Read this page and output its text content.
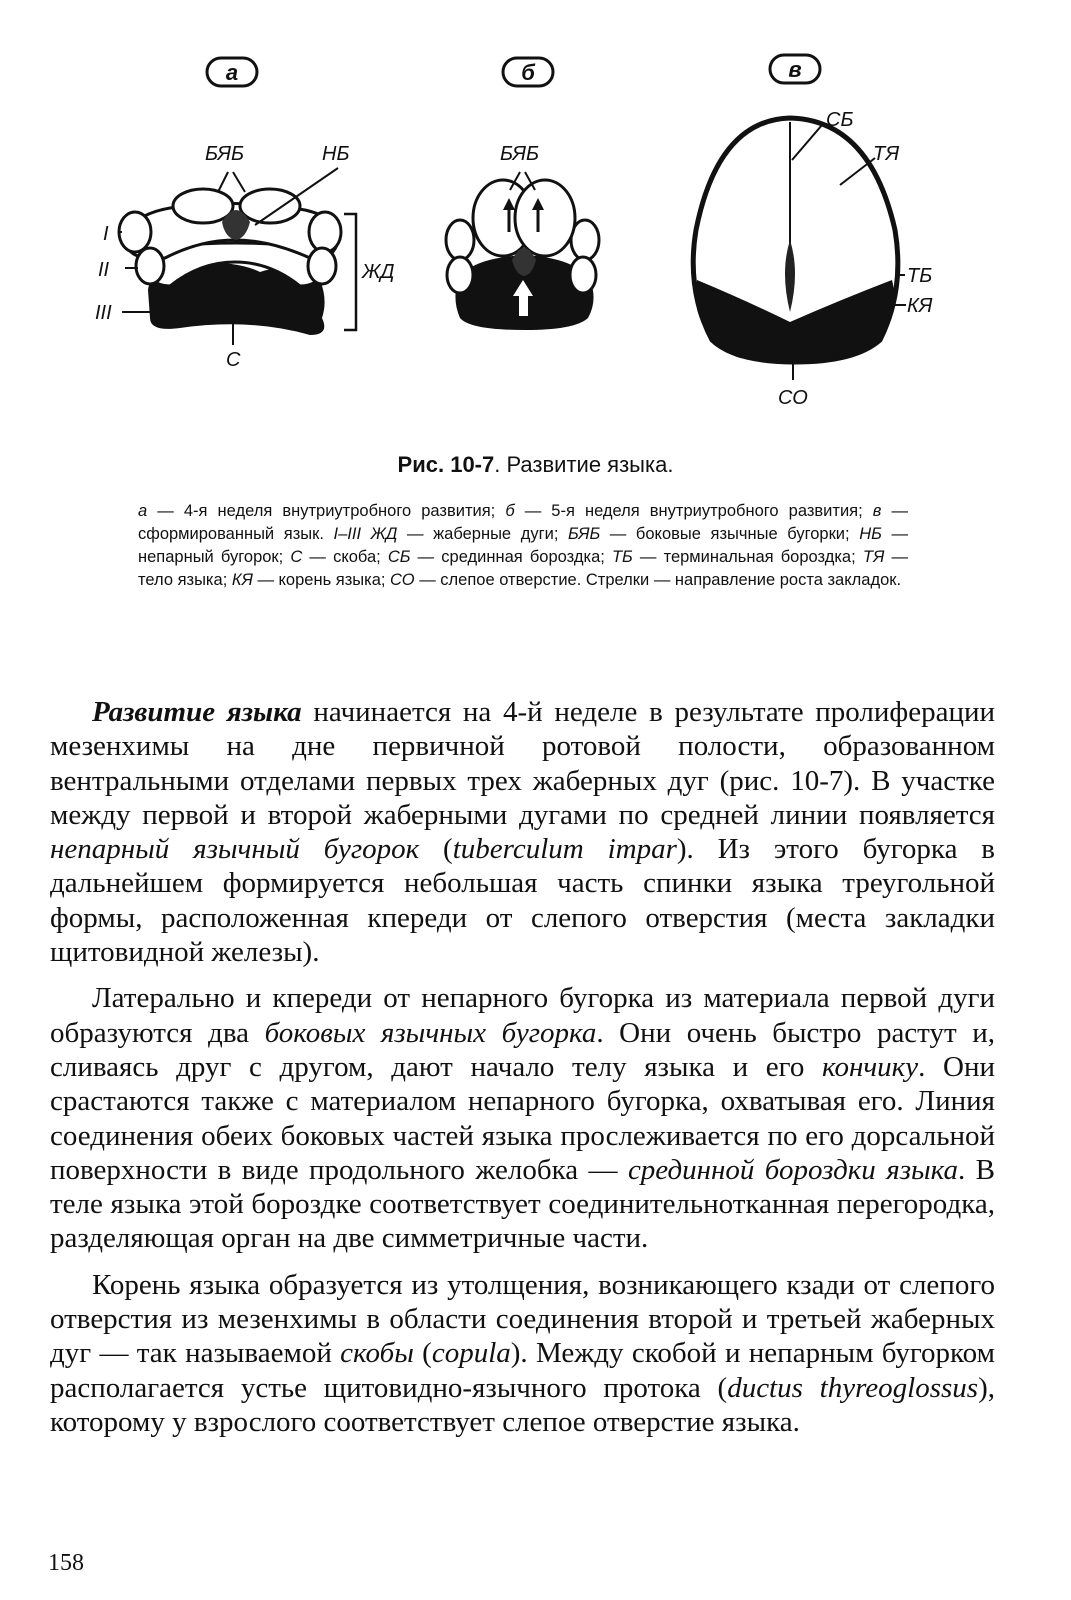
а	б	в
БЯБ	НБ
I
II
III
ЖД
С
БЯБ
СБ
ТЯ
ТБ
КЯ
СО
Рис. 10-7. Развитие языка.
а — 4-я неделя внутриутробного развития; б — 5-я неделя внутриутробного развития; в — сформированный язык. I–III ЖД — жаберные дуги; БЯБ — боковые язычные бугорки; НБ — непарный бугорок; С — скоба; СБ — срединная бороздка; ТБ — терминальная бороздка; ТЯ — тело языка; КЯ — корень языка; СО — слепое отверстие. Стрелки — направление роста закладок.

Развитие языка начинается на 4-й неделе в результате пролиферации мезенхимы на дне первичной ротовой полости, образованном вентральными отделами первых трех жаберных дуг (рис. 10-7). В участке между первой и второй жаберными дугами по средней линии появляется непарный язычный бугорок (tuberculum impar). Из этого бугорка в дальнейшем формируется небольшая часть спинки языка треугольной формы, расположенная кпереди от слепого отверстия (места закладки щитовидной железы).

Латерально и кпереди от непарного бугорка из материала первой дуги образуются два боковых язычных бугорка. Они очень быстро растут и, сливаясь друг с другом, дают начало телу языка и его кончику. Они срастаются также с материалом непарного бугорка, охватывая его. Линия соединения обеих боковых частей языка прослеживается по его дорсальной поверхности в виде продольного желобка — срединной бороздки языка. В теле языка этой бороздке соответствует соединительнотканная перегородка, разделяющая орган на две симметричные части.

Корень языка образуется из утолщения, возникающего кзади от слепого отверстия из мезенхимы в области соединения второй и третьей жаберных дуг — так называемой скобы (copula). Между скобой и непарным бугорком располагается устье щитовидно-язычного протока (ductus thyreoglossus), которому у взрослого соответствует слепое отверстие языка.

158
